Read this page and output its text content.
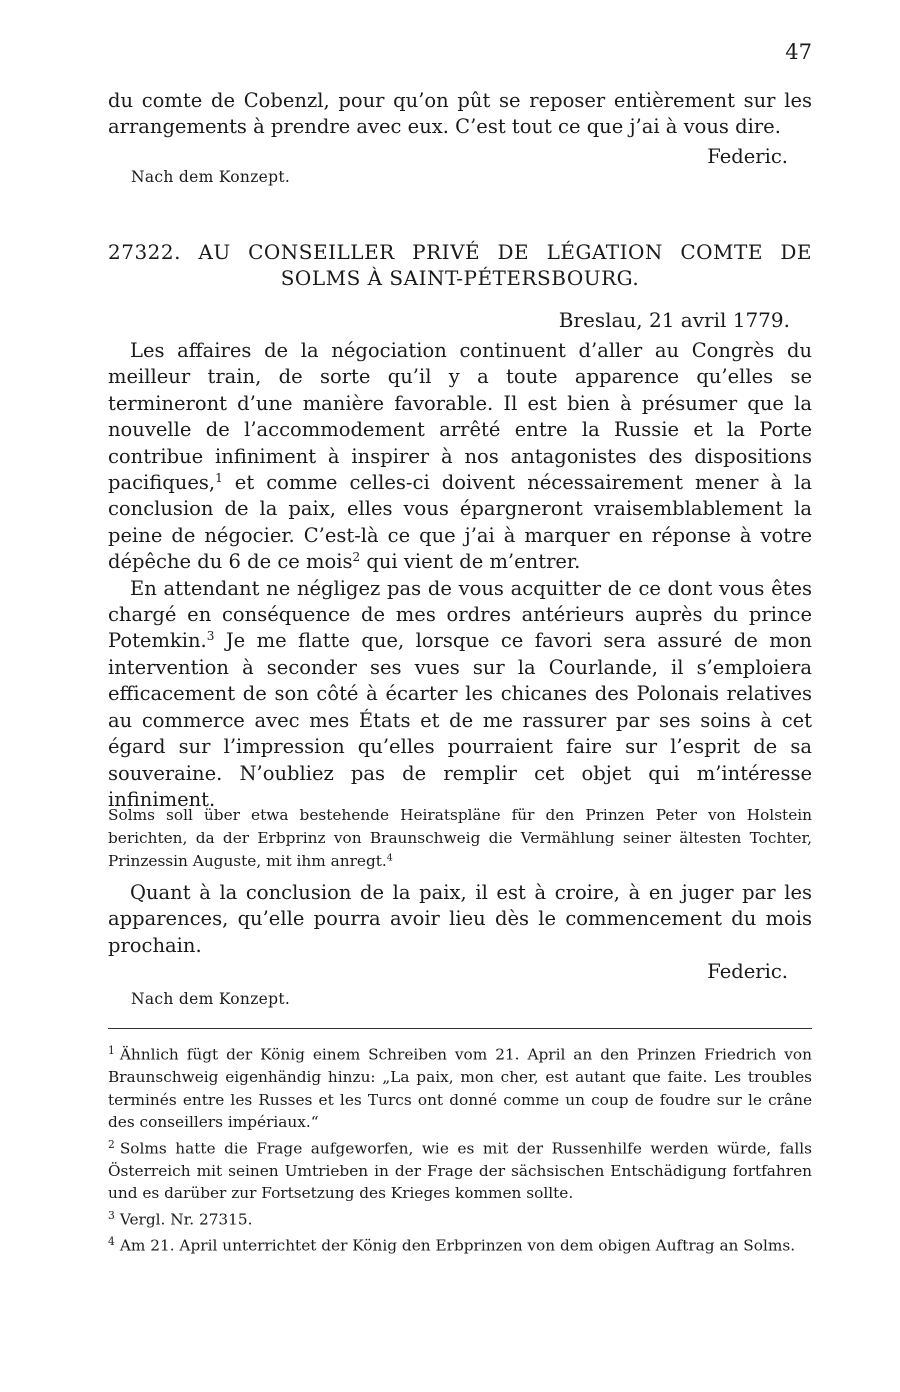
47

du comte de Cobenzl, pour qu’on pût se reposer entièrement sur les arrangements à prendre avec eux. C’est tout ce que j’ai à vous dire.

Federic.
Nach dem Konzept.
27322. AU CONSEILLER PRIVÉ DE LÉGATION COMTE DE
SOLMS À SAINT-PÉTERSBOURG.
Breslau, 21 avril 1779.

Les affaires de la négociation continuent d’aller au Congrès du meilleur train, de sorte qu’il y a toute apparence qu’elles se termineront d’une manière favorable. Il est bien à présumer que la nouvelle de l’accommodement arrêté entre la Russie et la Porte contribue infiniment à inspirer à nos antagonistes des dispositions pacifiques,$^1$ et comme celles-ci doivent nécessairement mener à la conclusion de la paix, elles vous épargneront vraisemblablement la peine de négocier. C’est-là ce que j’ai à marquer en réponse à votre dépêche du 6 de ce mois$^2$ qui vient de m’entrer.

En attendant ne négligez pas de vous acquitter de ce dont vous êtes chargé en conséquence de mes ordres antérieurs auprès du prince Potemkin.$^3$ Je me flatte que, lorsque ce favori sera assuré de mon intervention à seconder ses vues sur la Courlande, il s’emploiera efficacement de son côté à écarter les chicanes des Polonais relatives au commerce avec mes États et de me rassurer par ses soins à cet égard sur l’impression qu’elles pourraient faire sur l’esprit de sa souveraine. N’oubliez pas de remplir cet objet qui m’intéresse infiniment.

Solms soll über etwa bestehende Heiratspläne für den Prinzen Peter von Holstein berichten, da der Erbprinz von Braunschweig die Vermählung seiner ältesten Tochter, Prinzessin Auguste, mit ihm anregt.$^4$

Quant à la conclusion de la paix, il est à croire, à en juger par les apparences, qu’elle pourra avoir lieu dès le commencement du mois prochain.

Federic.
Nach dem Konzept.

$^1$ Ähnlich fügt der König einem Schreiben vom 21. April an den Prinzen Friedrich von Braunschweig eigenhändig hinzu: „La paix, mon cher, est autant que faite. Les troubles terminés entre les Russes et les Turcs ont donné comme un coup de foudre sur le crâne des conseillers impériaux.“

$^2$ Solms hatte die Frage aufgeworfen, wie es mit der Russenhilfe werden würde, falls Österreich mit seinen Umtrieben in der Frage der sächsischen Entschädigung fortfahren und es darüber zur Fortsetzung des Krieges kommen sollte.

$^3$ Vergl. Nr. 27315.

$^4$ Am 21. April unterrichtet der König den Erbprinzen von dem obigen Auftrag an Solms.
